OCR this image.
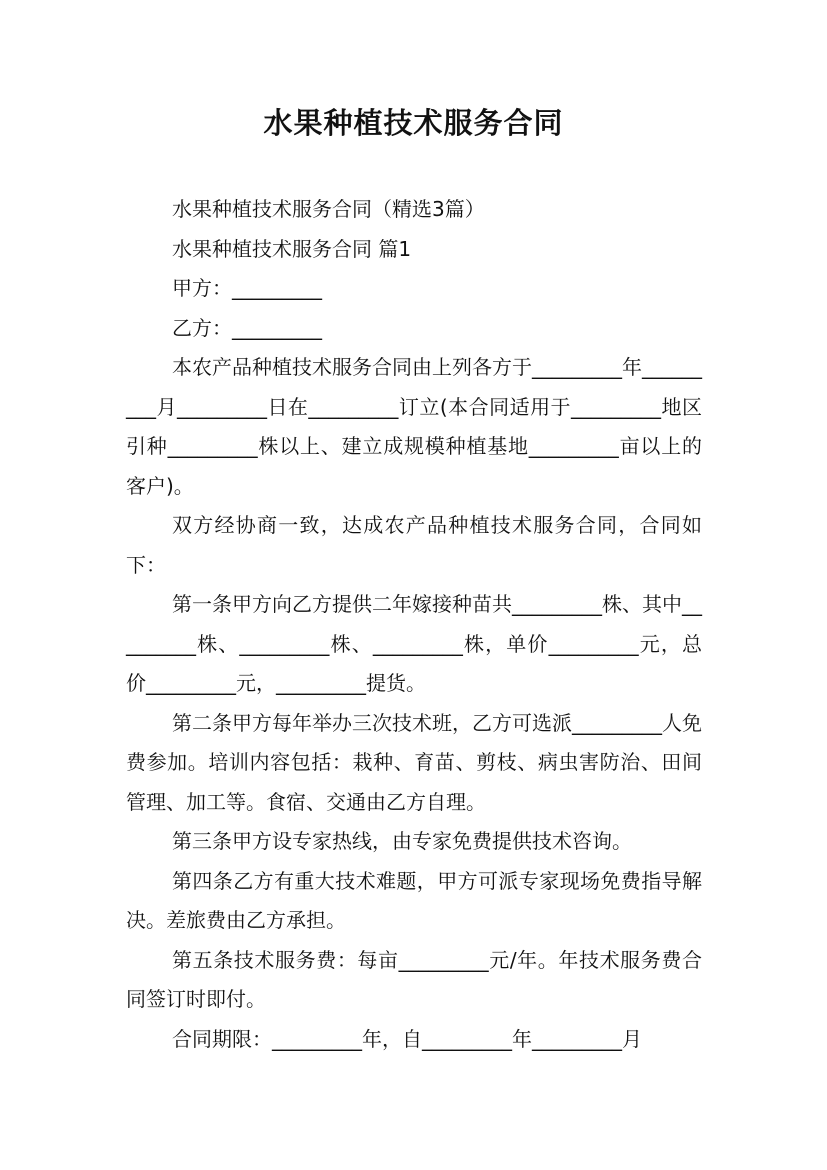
水果种植技术服务合同

水果种植技术服务合同（精选3篇）

水果种植技术服务合同 篇1

甲方：_________

乙方：_________

本农产品种植技术服务合同由上列各方于_________年_________月_________日在_________订立(本合同适用于_________地区引种_________株以上、建立成规模种植基地_________亩以上的客户)。

双方经协商一致，达成农产品种植技术服务合同，合同如下：

第一条甲方向乙方提供二年嫁接种苗共_________株、其中_________株、_________株、_________株，单价_________元，总价_________元，_________提货。

第二条甲方每年举办三次技术班，乙方可选派_________人免费参加。培训内容包括：栽种、育苗、剪枝、病虫害防治、田间管理、加工等。食宿、交通由乙方自理。

第三条甲方设专家热线，由专家免费提供技术咨询。

第四条乙方有重大技术难题，甲方可派专家现场免费指导解决。差旅费由乙方承担。

第五条技术服务费：每亩_________元/年。年技术服务费合同签订时即付。

合同期限：_________年，自_________年_________月
